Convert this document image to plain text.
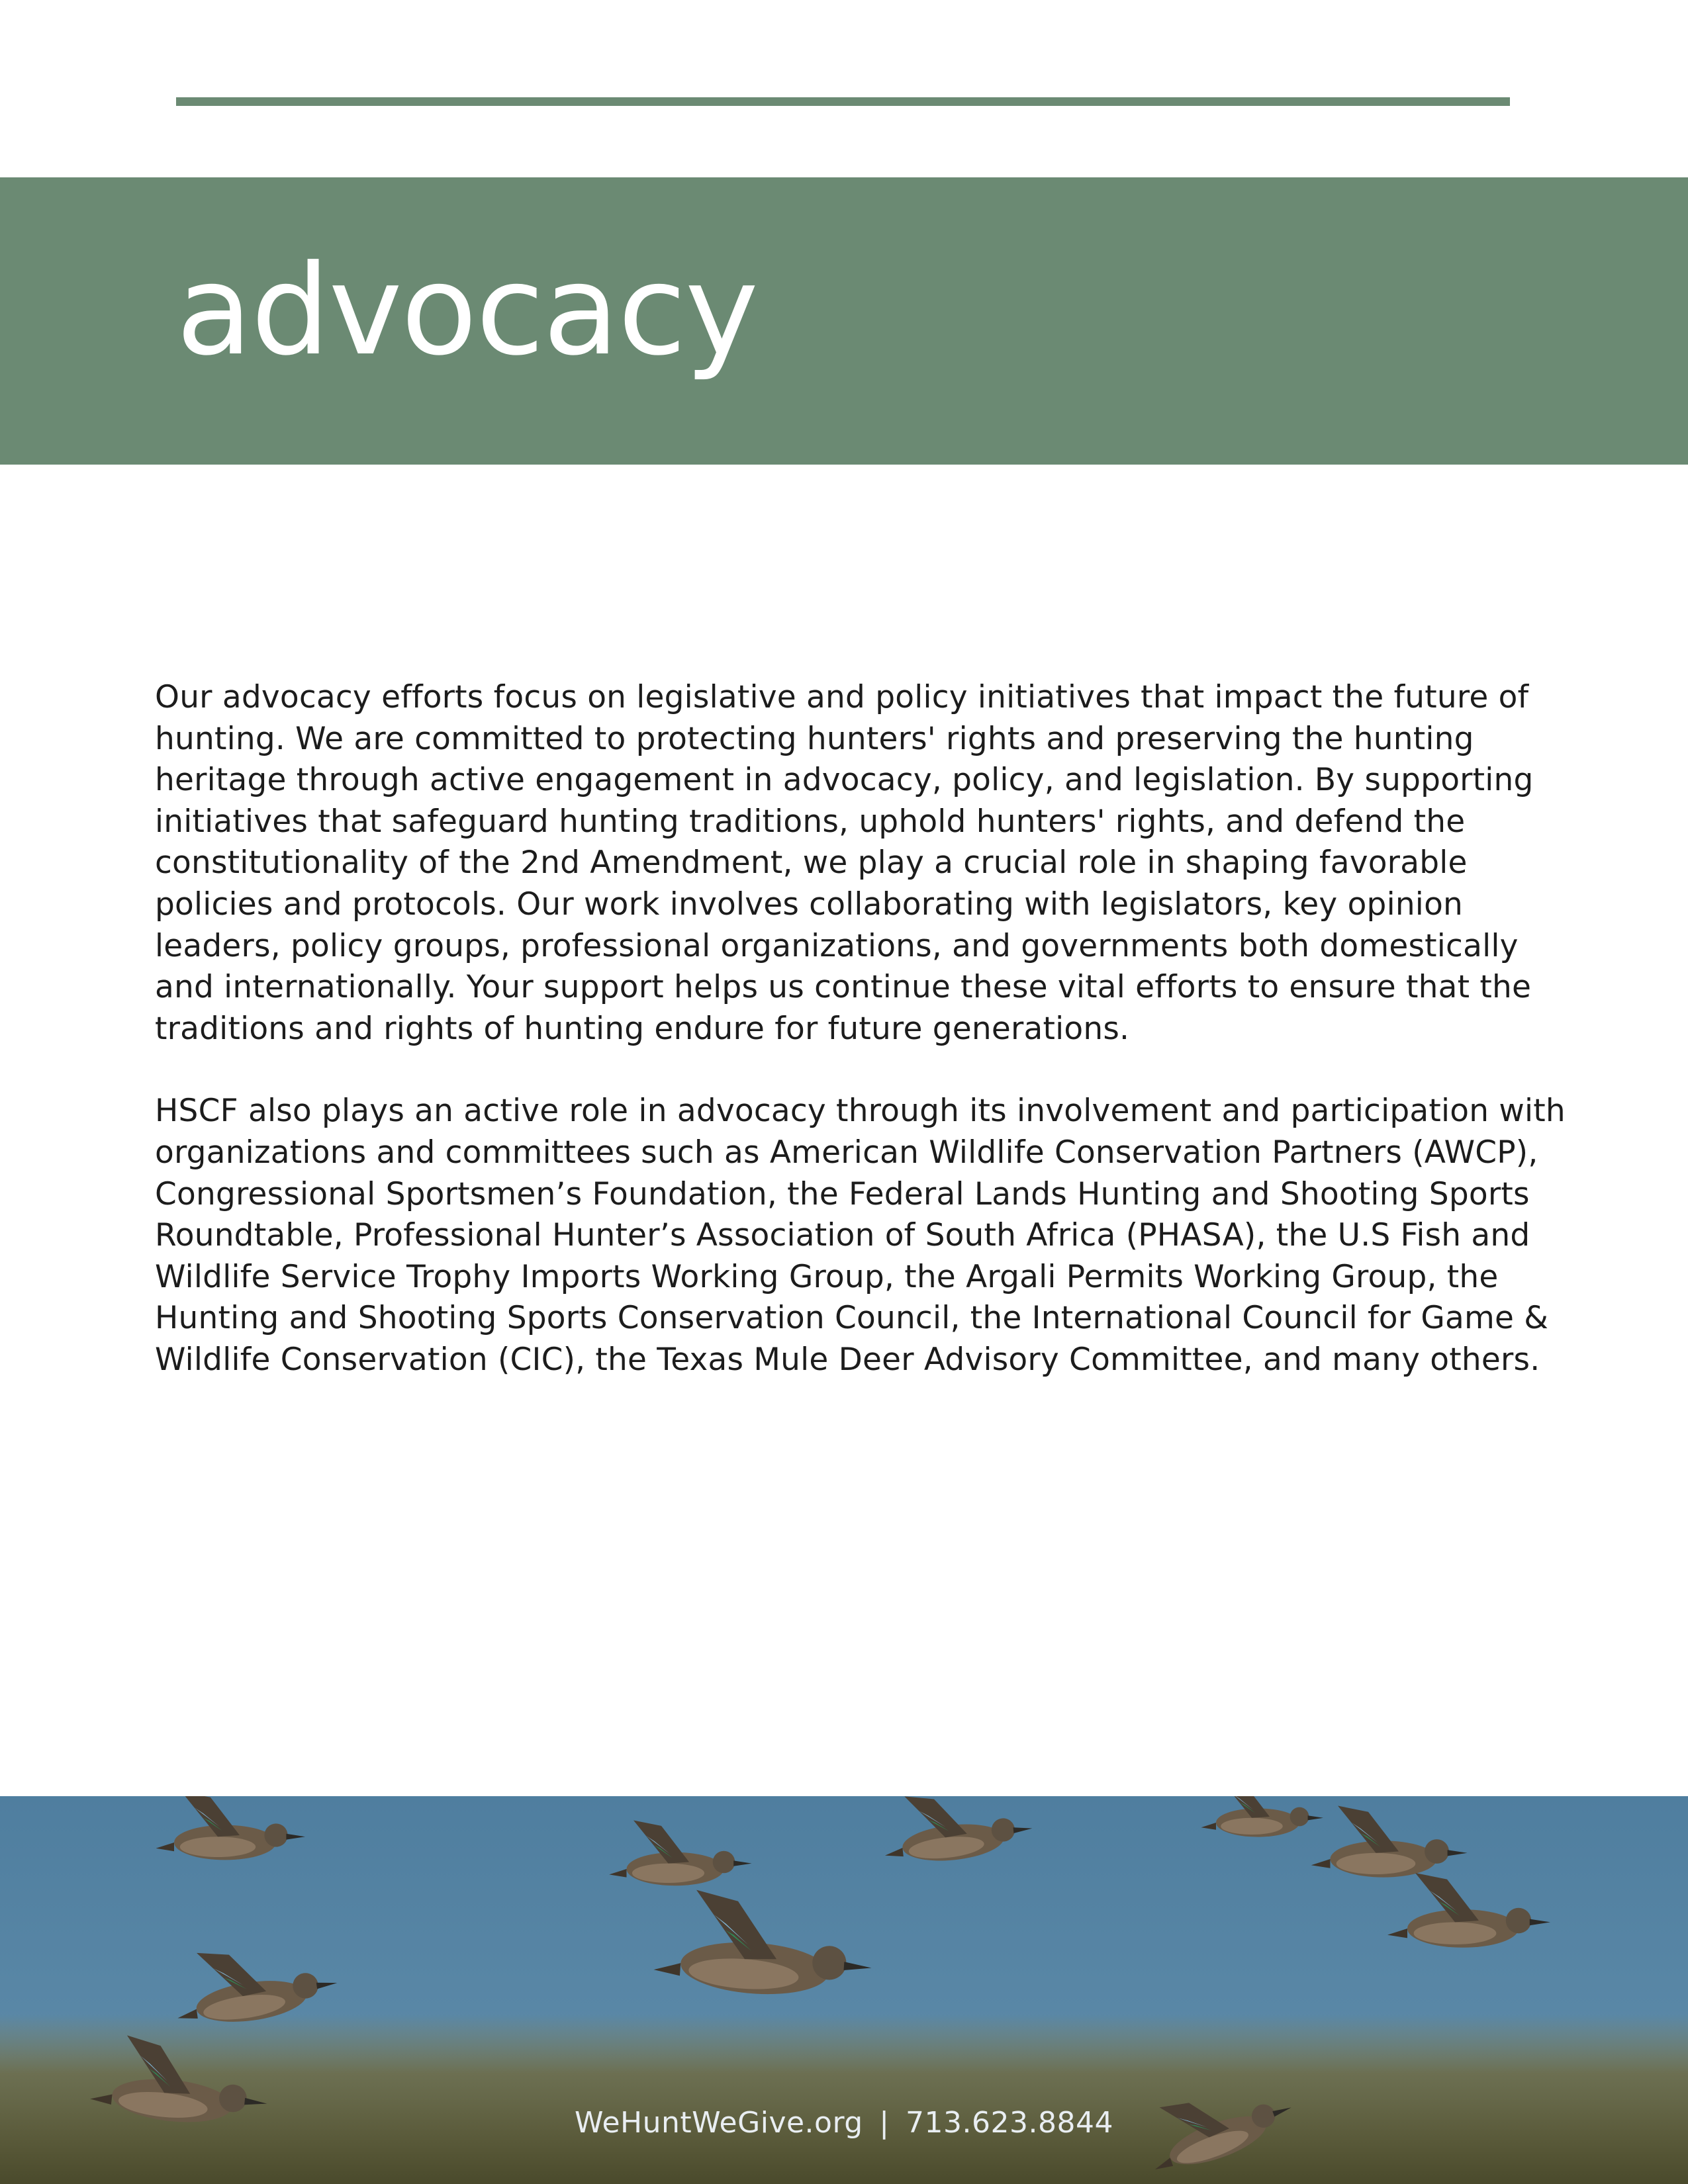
advocacy

Our advocacy efforts focus on legislative and policy initiatives that impact the future of hunting. We are committed to protecting hunters' rights and preserving the hunting heritage through active engagement in advocacy, policy, and legislation. By supporting initiatives that safeguard hunting traditions, uphold hunters' rights, and defend the constitutionality of the 2nd Amendment, we play a crucial role in shaping favorable policies and protocols. Our work involves collaborating with legislators, key opinion leaders, policy groups, professional organizations, and governments both domestically and internationally. Your support helps us continue these vital efforts to ensure that the traditions and rights of hunting endure for future generations.

HSCF also plays an active role in advocacy through its involvement and participation with organizations and committees such as American Wildlife Conservation Partners (AWCP), Congressional Sportsmen’s Foundation, the Federal Lands Hunting and Shooting Sports Roundtable, Professional Hunter’s Association of South Africa (PHASA), the U.S Fish and Wildlife Service Trophy Imports Working Group, the Argali Permits Working Group, the Hunting and Shooting Sports Conservation Council, the International Council for Game & Wildlife Conservation (CIC), the Texas Mule Deer Advisory Committee, and many others.

WeHuntWeGive.org | 713.623.8844
